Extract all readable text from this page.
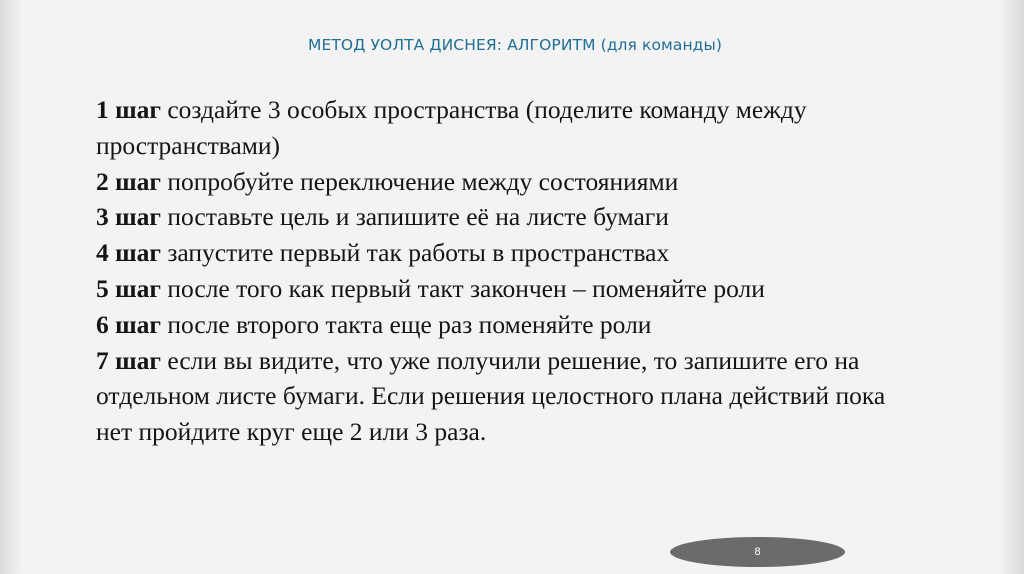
МЕТОД УОЛТА ДИСНЕЯ: АЛГОРИТМ (для команды)
1 шаг создайте 3 особых пространства (поделите команду между пространствами)
2 шаг попробуйте переключение между состояниями
3 шаг поставьте цель и запишите её на листе бумаги
4 шаг запустите первый так работы в пространствах
5 шаг после того как первый такт закончен – поменяйте роли
6 шаг после второго такта еще раз поменяйте роли
7 шаг если вы видите, что уже получили решение, то запишите его на отдельном листе бумаги. Если решения целостного плана действий пока нет пройдите круг еще 2 или 3 раза.
8
